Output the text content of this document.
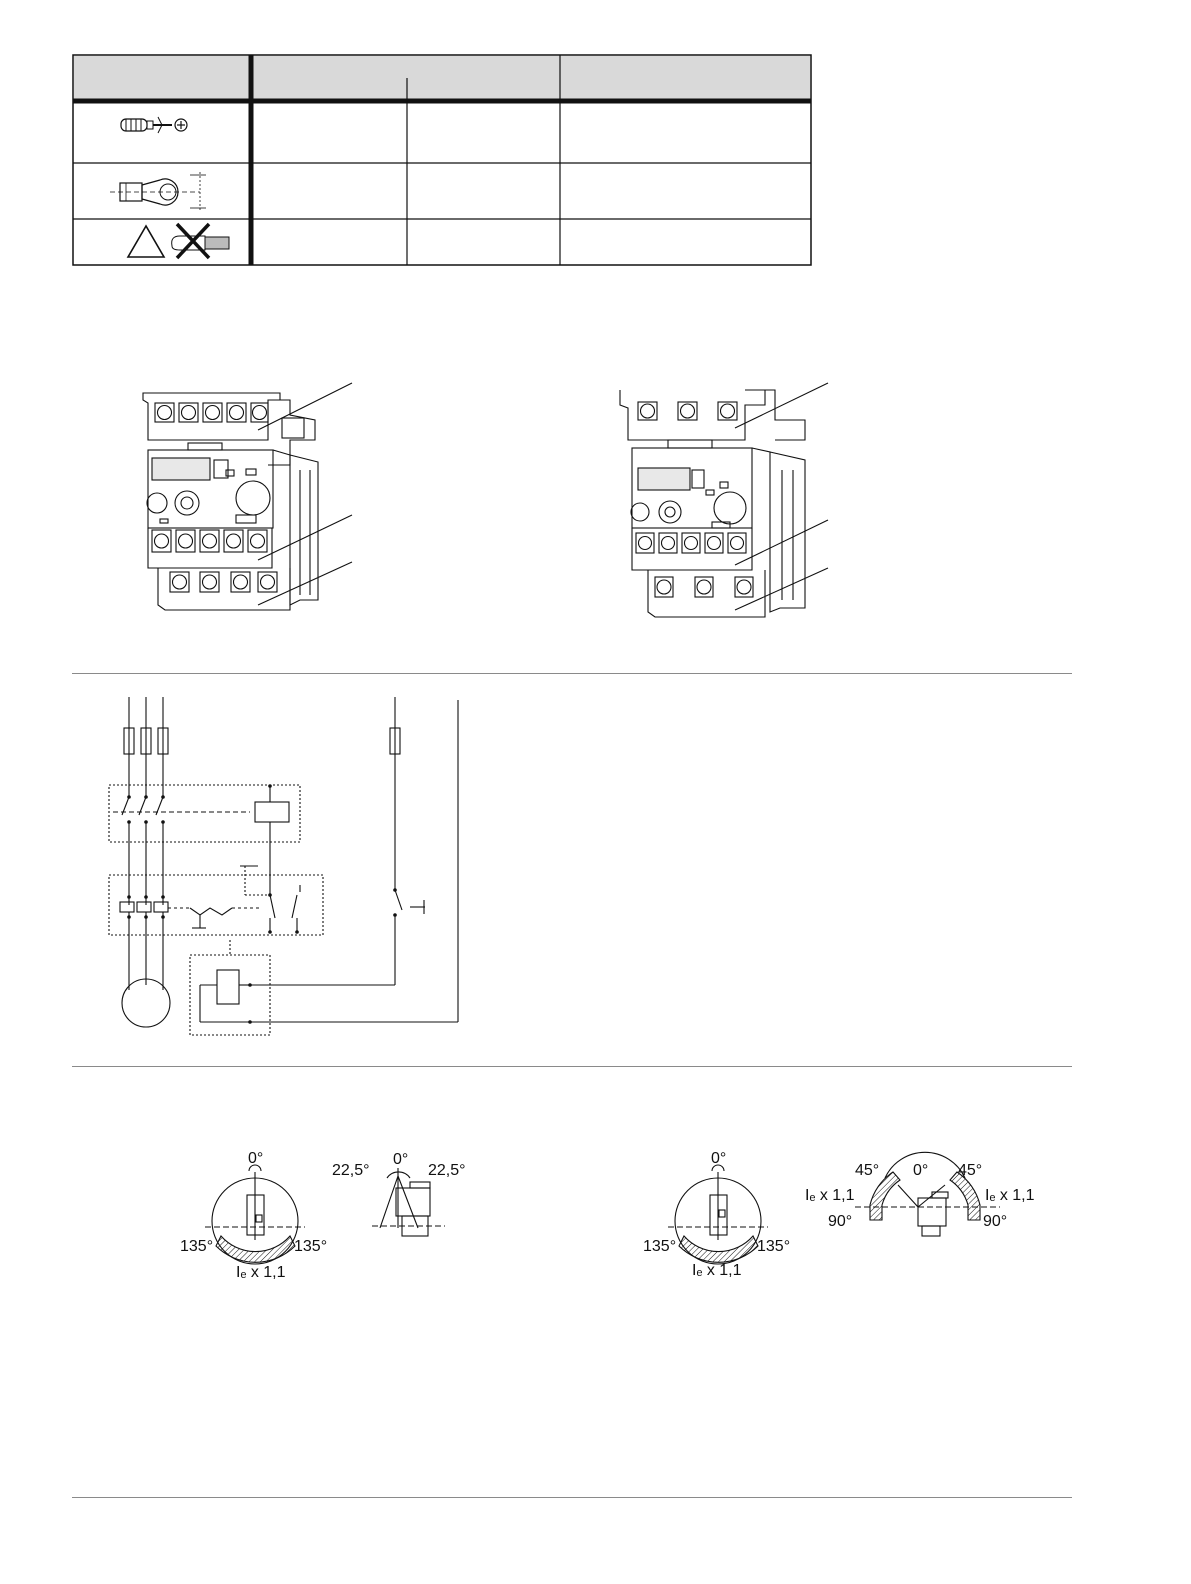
0°
135°	135°
Iₑ x 1,1
0°
22,5°	22,5°
0°
135°	135°
Iₑ x 1,1
0°
45°	45°
Iₑ x 1,1	Iₑ x 1,1
90°	90°
